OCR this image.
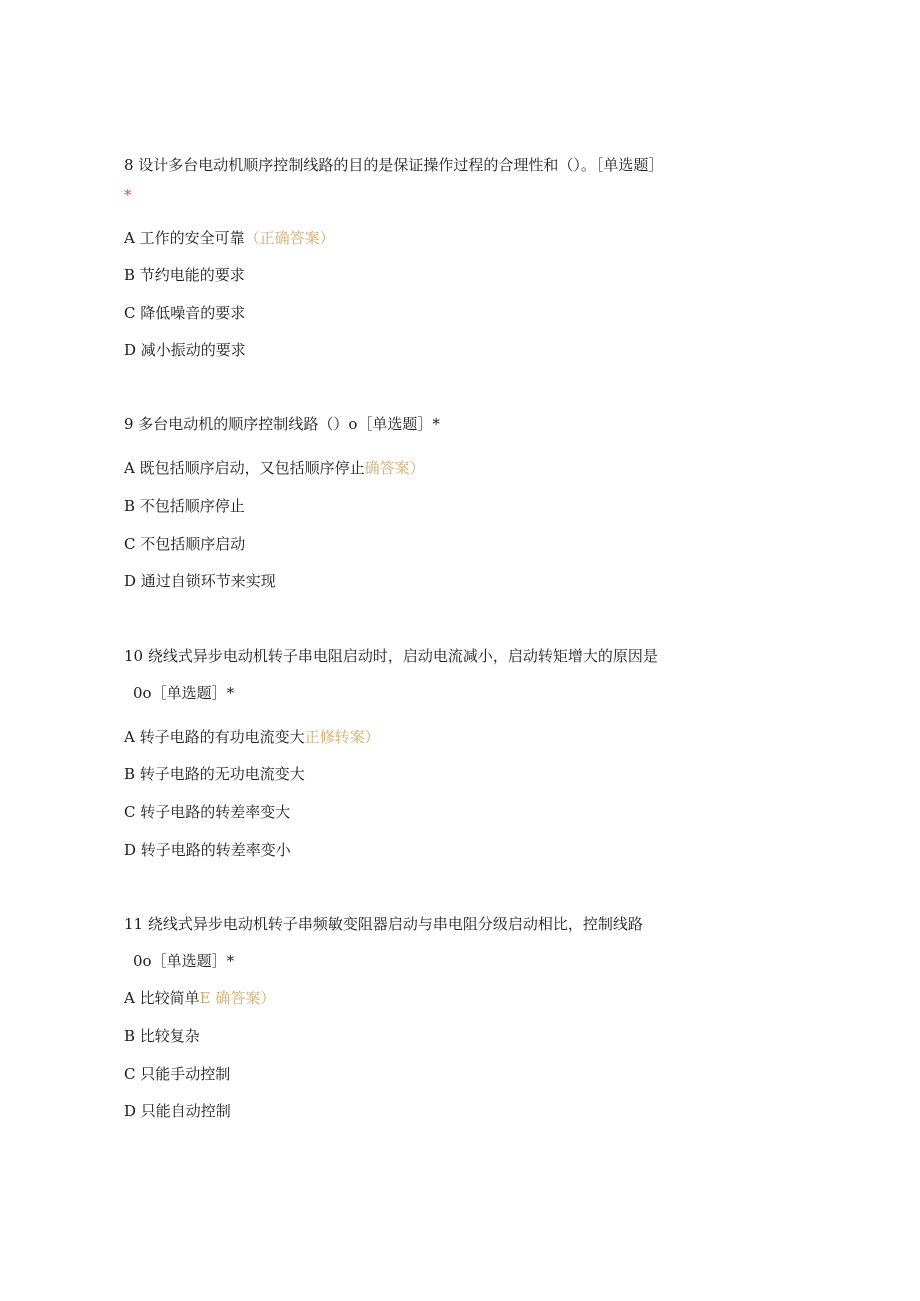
8 设计多台电动机顺序控制线路的目的是保证操作过程的合理性和（）。［单选题］
*
A 工作的安全可靠（正确答案）
B 节约电能的要求
C 降低噪音的要求
D 减小振动的要求
9 多台电动机的顺序控制线路（）o［单选题］*
A 既包括顺序启动，又包括顺序停止确答案）
B 不包括顺序停止
C 不包括顺序启动
D 通过自锁环节来实现
10 绕线式异步电动机转子串电阻启动时，启动电流减小，启动转矩增大的原因是
0o［单选题］*
A 转子电路的有功电流变大正修转案）
B 转子电路的无功电流变大
C 转子电路的转差率变大
D 转子电路的转差率变小
11 绕线式异步电动机转子串频敏变阻器启动与串电阻分级启动相比，控制线路
0o［单选题］*
A 比较简单E 确答案）
B 比较复杂
C 只能手动控制
D 只能自动控制
